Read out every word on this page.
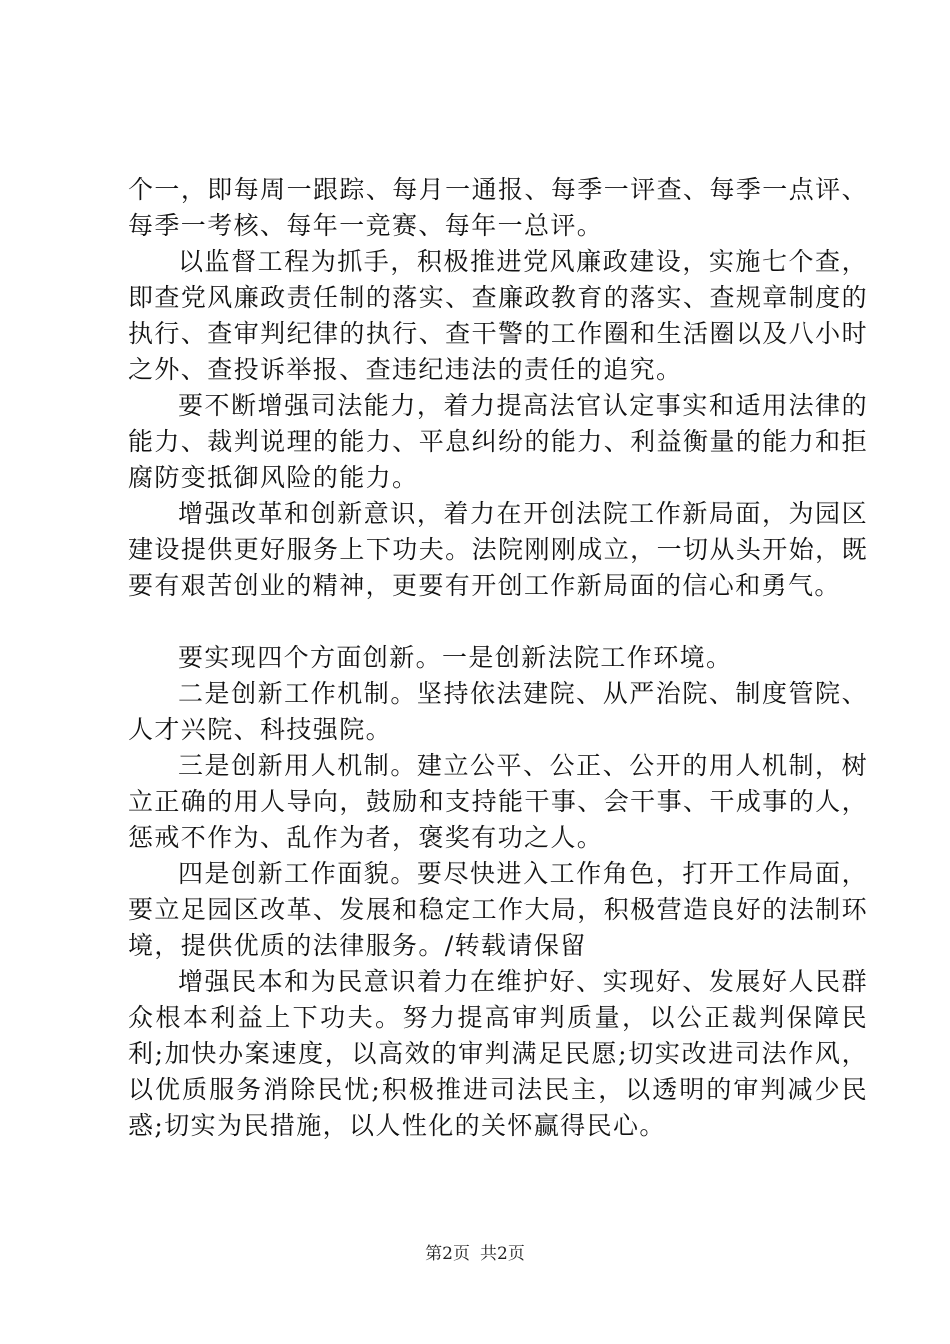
个一，即每周一跟踪、每月一通报、每季一评查、每季一点评、每季一考核、每年一竞赛、每年一总评。

以监督工程为抓手，积极推进党风廉政建设，实施七个查，即查党风廉政责任制的落实、查廉政教育的落实、查规章制度的执行、查审判纪律的执行、查干警的工作圈和生活圈以及八小时之外、查投诉举报、查违纪违法的责任的追究。

要不断增强司法能力，着力提高法官认定事实和适用法律的能力、裁判说理的能力、平息纠纷的能力、利益衡量的能力和拒腐防变抵御风险的能力。

增强改革和创新意识，着力在开创法院工作新局面，为园区建设提供更好服务上下功夫。法院刚刚成立，一切从头开始，既要有艰苦创业的精神，更要有开创工作新局面的信心和勇气。

要实现四个方面创新。一是创新法院工作环境。

二是创新工作机制。坚持依法建院、从严治院、制度管院、人才兴院、科技强院。

三是创新用人机制。建立公平、公正、公开的用人机制，树立正确的用人导向，鼓励和支持能干事、会干事、干成事的人，惩戒不作为、乱作为者，褒奖有功之人。

四是创新工作面貌。要尽快进入工作角色，打开工作局面，要立足园区改革、发展和稳定工作大局，积极营造良好的法制环境，提供优质的法律服务。/转载请保留

增强民本和为民意识着力在维护好、实现好、发展好人民群众根本利益上下功夫。努力提高审判质量，以公正裁判保障民利;加快办案速度，以高效的审判满足民愿;切实改进司法作风，以优质服务消除民忧;积极推进司法民主，以透明的审判减少民惑;切实为民措施，以人性化的关怀赢得民心。

第2页 共2页
